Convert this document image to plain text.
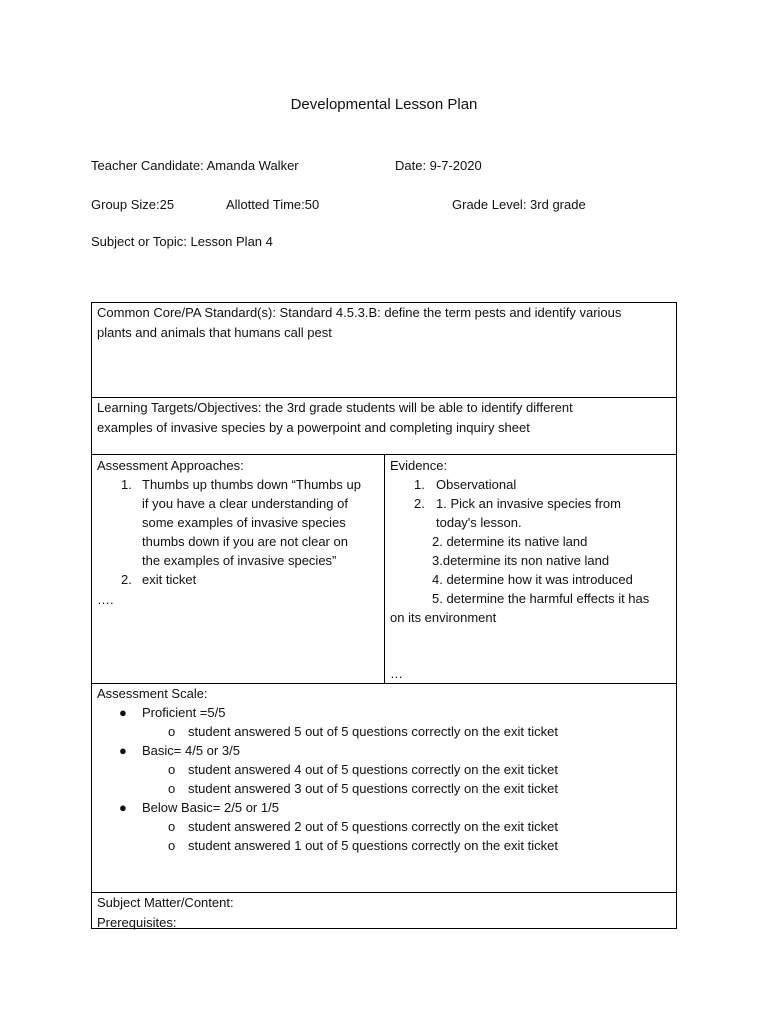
Developmental Lesson Plan
Teacher Candidate: Amanda Walker	Date: 9-7-2020
Group Size:25	Allotted Time:50	Grade Level: 3rd grade
Subject or Topic: Lesson Plan 4
Common Core/PA Standard(s): Standard 4.5.3.B: define the term pests and identify various
plants and animals that humans call pest
Learning Targets/Objectives: the 3rd grade students will be able to identify different
examples of invasive species by a powerpoint and completing inquiry sheet
Assessment Approaches:
1. Thumbs up thumbs down “Thumbs up
if you have a clear understanding of
some examples of invasive species
thumbs down if you are not clear on
the examples of invasive species”
2. exit ticket
….
Evidence:
1. Observational
2. 1. Pick an invasive species from
today's lesson.
2. determine its native land
3.determine its non native land
4. determine how it was introduced
5. determine the harmful effects it has
on its environment
…
Assessment Scale:
● Proficient =5/5
o student answered 5 out of 5 questions correctly on the exit ticket
● Basic= 4/5 or 3/5
o student answered 4 out of 5 questions correctly on the exit ticket
o student answered 3 out of 5 questions correctly on the exit ticket
● Below Basic= 2/5 or 1/5
o student answered 2 out of 5 questions correctly on the exit ticket
o student answered 1 out of 5 questions correctly on the exit ticket
Subject Matter/Content:
Prerequisites:
